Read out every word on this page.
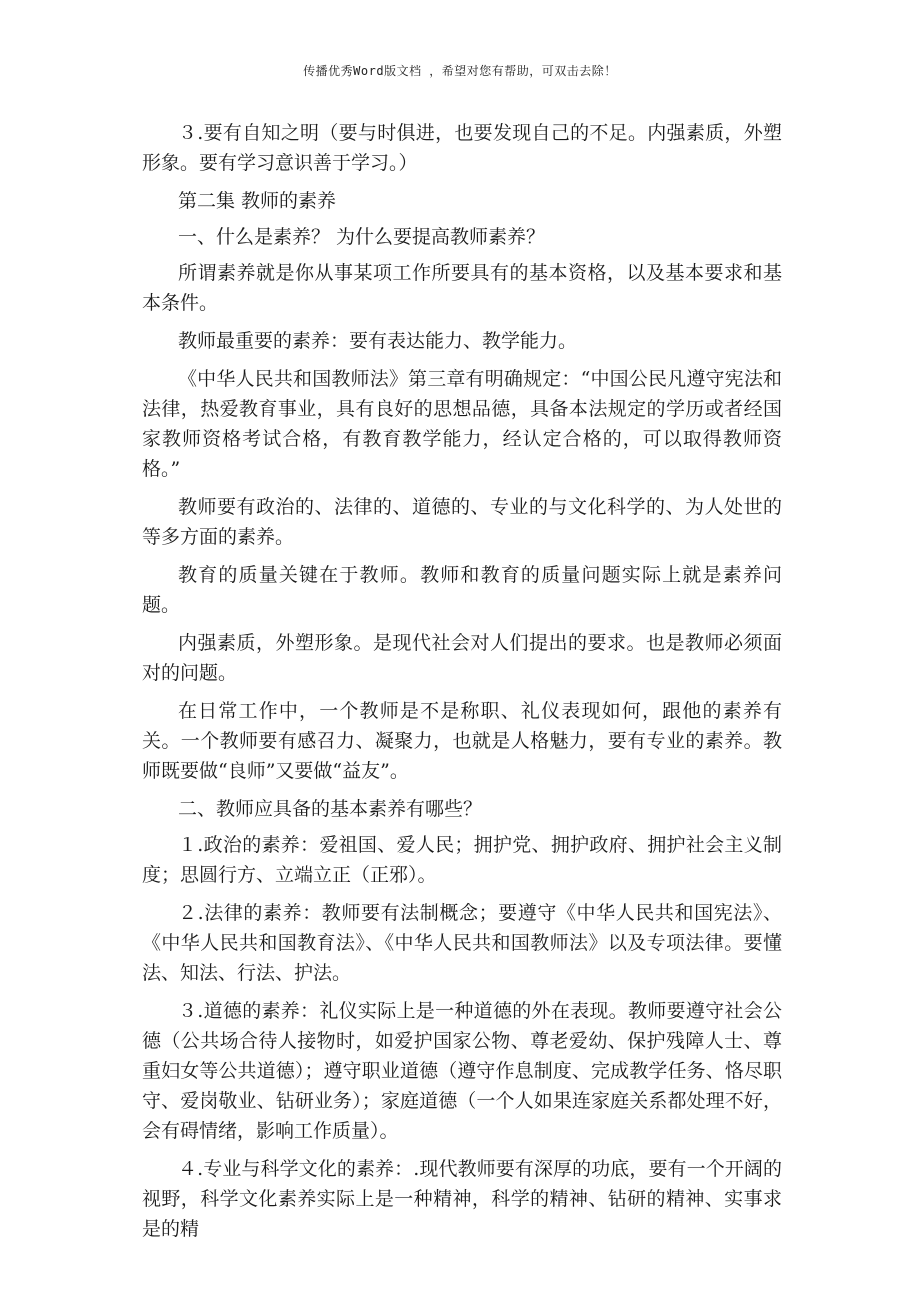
传播优秀Word版文档 ，希望对您有帮助，可双击去除！

３.要有自知之明（要与时俱进，也要发现自己的不足。内强素质，外塑形象。要有学习意识善于学习。）

第二集 教师的素养

一、什么是素养？ 为什么要提高教师素养？

所谓素养就是你从事某项工作所要具有的基本资格，以及基本要求和基本条件。

教师最重要的素养：要有表达能力、教学能力。

《中华人民共和国教师法》第三章有明确规定：“中国公民凡遵守宪法和法律，热爱教育事业，具有良好的思想品德，具备本法规定的学历或者经国家教师资格考试合格，有教育教学能力，经认定合格的，可以取得教师资格。”

教师要有政治的、法律的、道德的、专业的与文化科学的、为人处世的等多方面的素养。

教育的质量关键在于教师。教师和教育的质量问题实际上就是素养问题。

内强素质，外塑形象。是现代社会对人们提出的要求。也是教师必须面对的问题。

在日常工作中，一个教师是不是称职、礼仪表现如何，跟他的素养有关。一个教师要有感召力、凝聚力，也就是人格魅力，要有专业的素养。教师既要做“良师”又要做“益友”。

二、教师应具备的基本素养有哪些？

１.政治的素养：爱祖国、爱人民；拥护党、拥护政府、拥护社会主义制度；思圆行方、立端立正（正邪）。

２.法律的素养：教师要有法制概念；要遵守《中华人民共和国宪法》、《中华人民共和国教育法》、《中华人民共和国教师法》以及专项法律。要懂法、知法、行法、护法。

３.道德的素养：礼仪实际上是一种道德的外在表现。教师要遵守社会公德（公共场合待人接物时，如爱护国家公物、尊老爱幼、保护残障人士、尊重妇女等公共道德）；遵守职业道德（遵守作息制度、完成教学任务、恪尽职守、爱岗敬业、钻研业务）；家庭道德（一个人如果连家庭关系都处理不好，会有碍情绪，影响工作质量）。

４.专业与科学文化的素养：.现代教师要有深厚的功底，要有一个开阔的视野，科学文化素养实际上是一种精神，科学的精神、钻研的精神、实事求是的精
